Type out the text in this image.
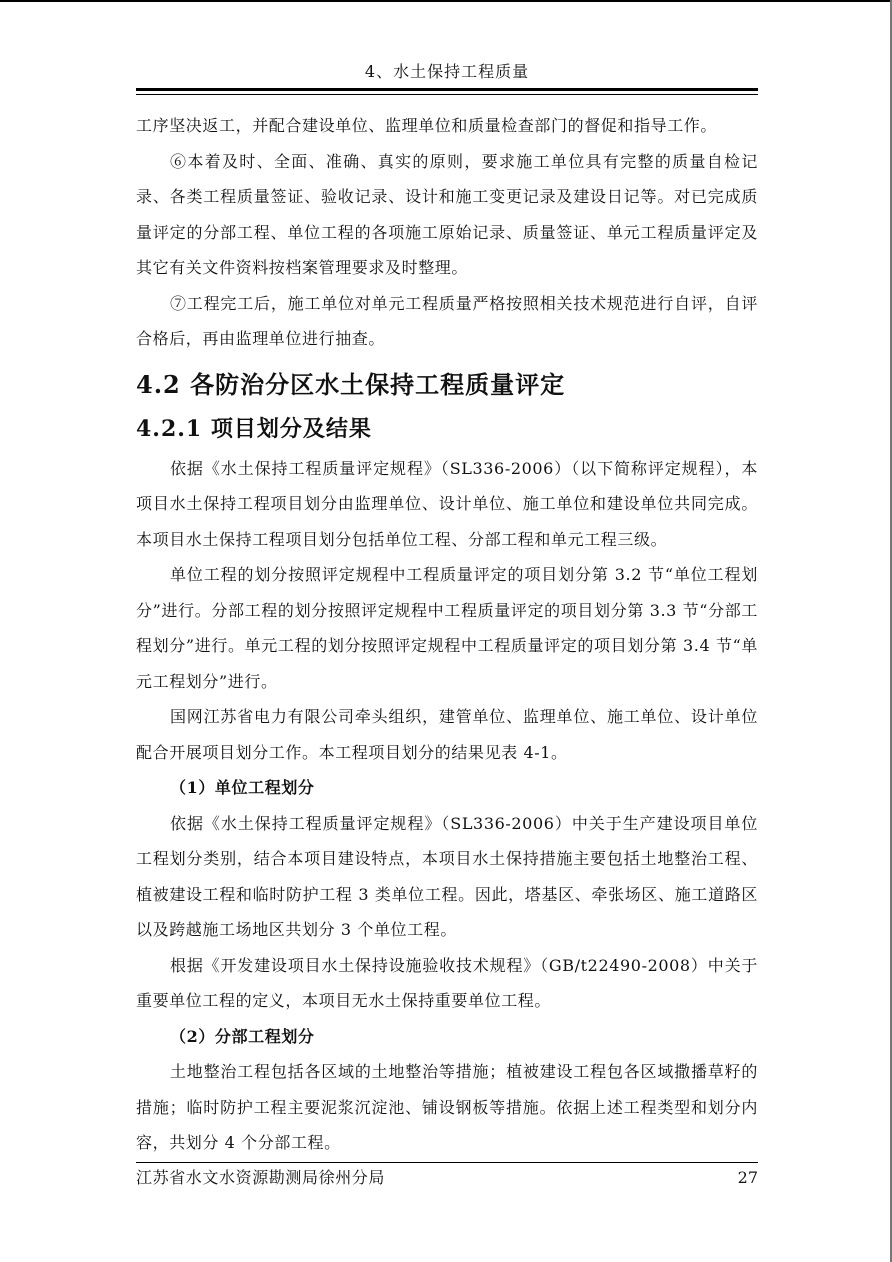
4、水土保持工程质量

工序坚决返工，并配合建设单位、监理单位和质量检查部门的督促和指导工作。

⑥本着及时、全面、准确、真实的原则，要求施工单位具有完整的质量自检记录、各类工程质量签证、验收记录、设计和施工变更记录及建设日记等。对已完成质量评定的分部工程、单位工程的各项施工原始记录、质量签证、单元工程质量评定及其它有关文件资料按档案管理要求及时整理。

⑦工程完工后，施工单位对单元工程质量严格按照相关技术规范进行自评，自评合格后，再由监理单位进行抽查。

4.2 各防治分区水土保持工程质量评定
4.2.1 项目划分及结果

依据《水土保持工程质量评定规程》（SL336-2006）（以下简称评定规程），本项目水土保持工程项目划分由监理单位、设计单位、施工单位和建设单位共同完成。本项目水土保持工程项目划分包括单位工程、分部工程和单元工程三级。

单位工程的划分按照评定规程中工程质量评定的项目划分第 3.2 节“单位工程划分”进行。分部工程的划分按照评定规程中工程质量评定的项目划分第 3.3 节“分部工程划分”进行。单元工程的划分按照评定规程中工程质量评定的项目划分第 3.4 节“单元工程划分”进行。

国网江苏省电力有限公司牵头组织，建管单位、监理单位、施工单位、设计单位配合开展项目划分工作。本工程项目划分的结果见表 4-1。

（1）单位工程划分

依据《水土保持工程质量评定规程》（SL336-2006）中关于生产建设项目单位工程划分类别，结合本项目建设特点，本项目水土保持措施主要包括土地整治工程、植被建设工程和临时防护工程 3 类单位工程。因此，塔基区、牵张场区、施工道路区以及跨越施工场地区共划分 3 个单位工程。

根据《开发建设项目水土保持设施验收技术规程》（GB/t22490-2008）中关于重要单位工程的定义，本项目无水土保持重要单位工程。

（2）分部工程划分

土地整治工程包括各区域的土地整治等措施；植被建设工程包各区域撒播草籽的措施；临时防护工程主要泥浆沉淀池、铺设钢板等措施。依据上述工程类型和划分内容，共划分 4 个分部工程。

江苏省水文水资源勘测局徐州分局	27
